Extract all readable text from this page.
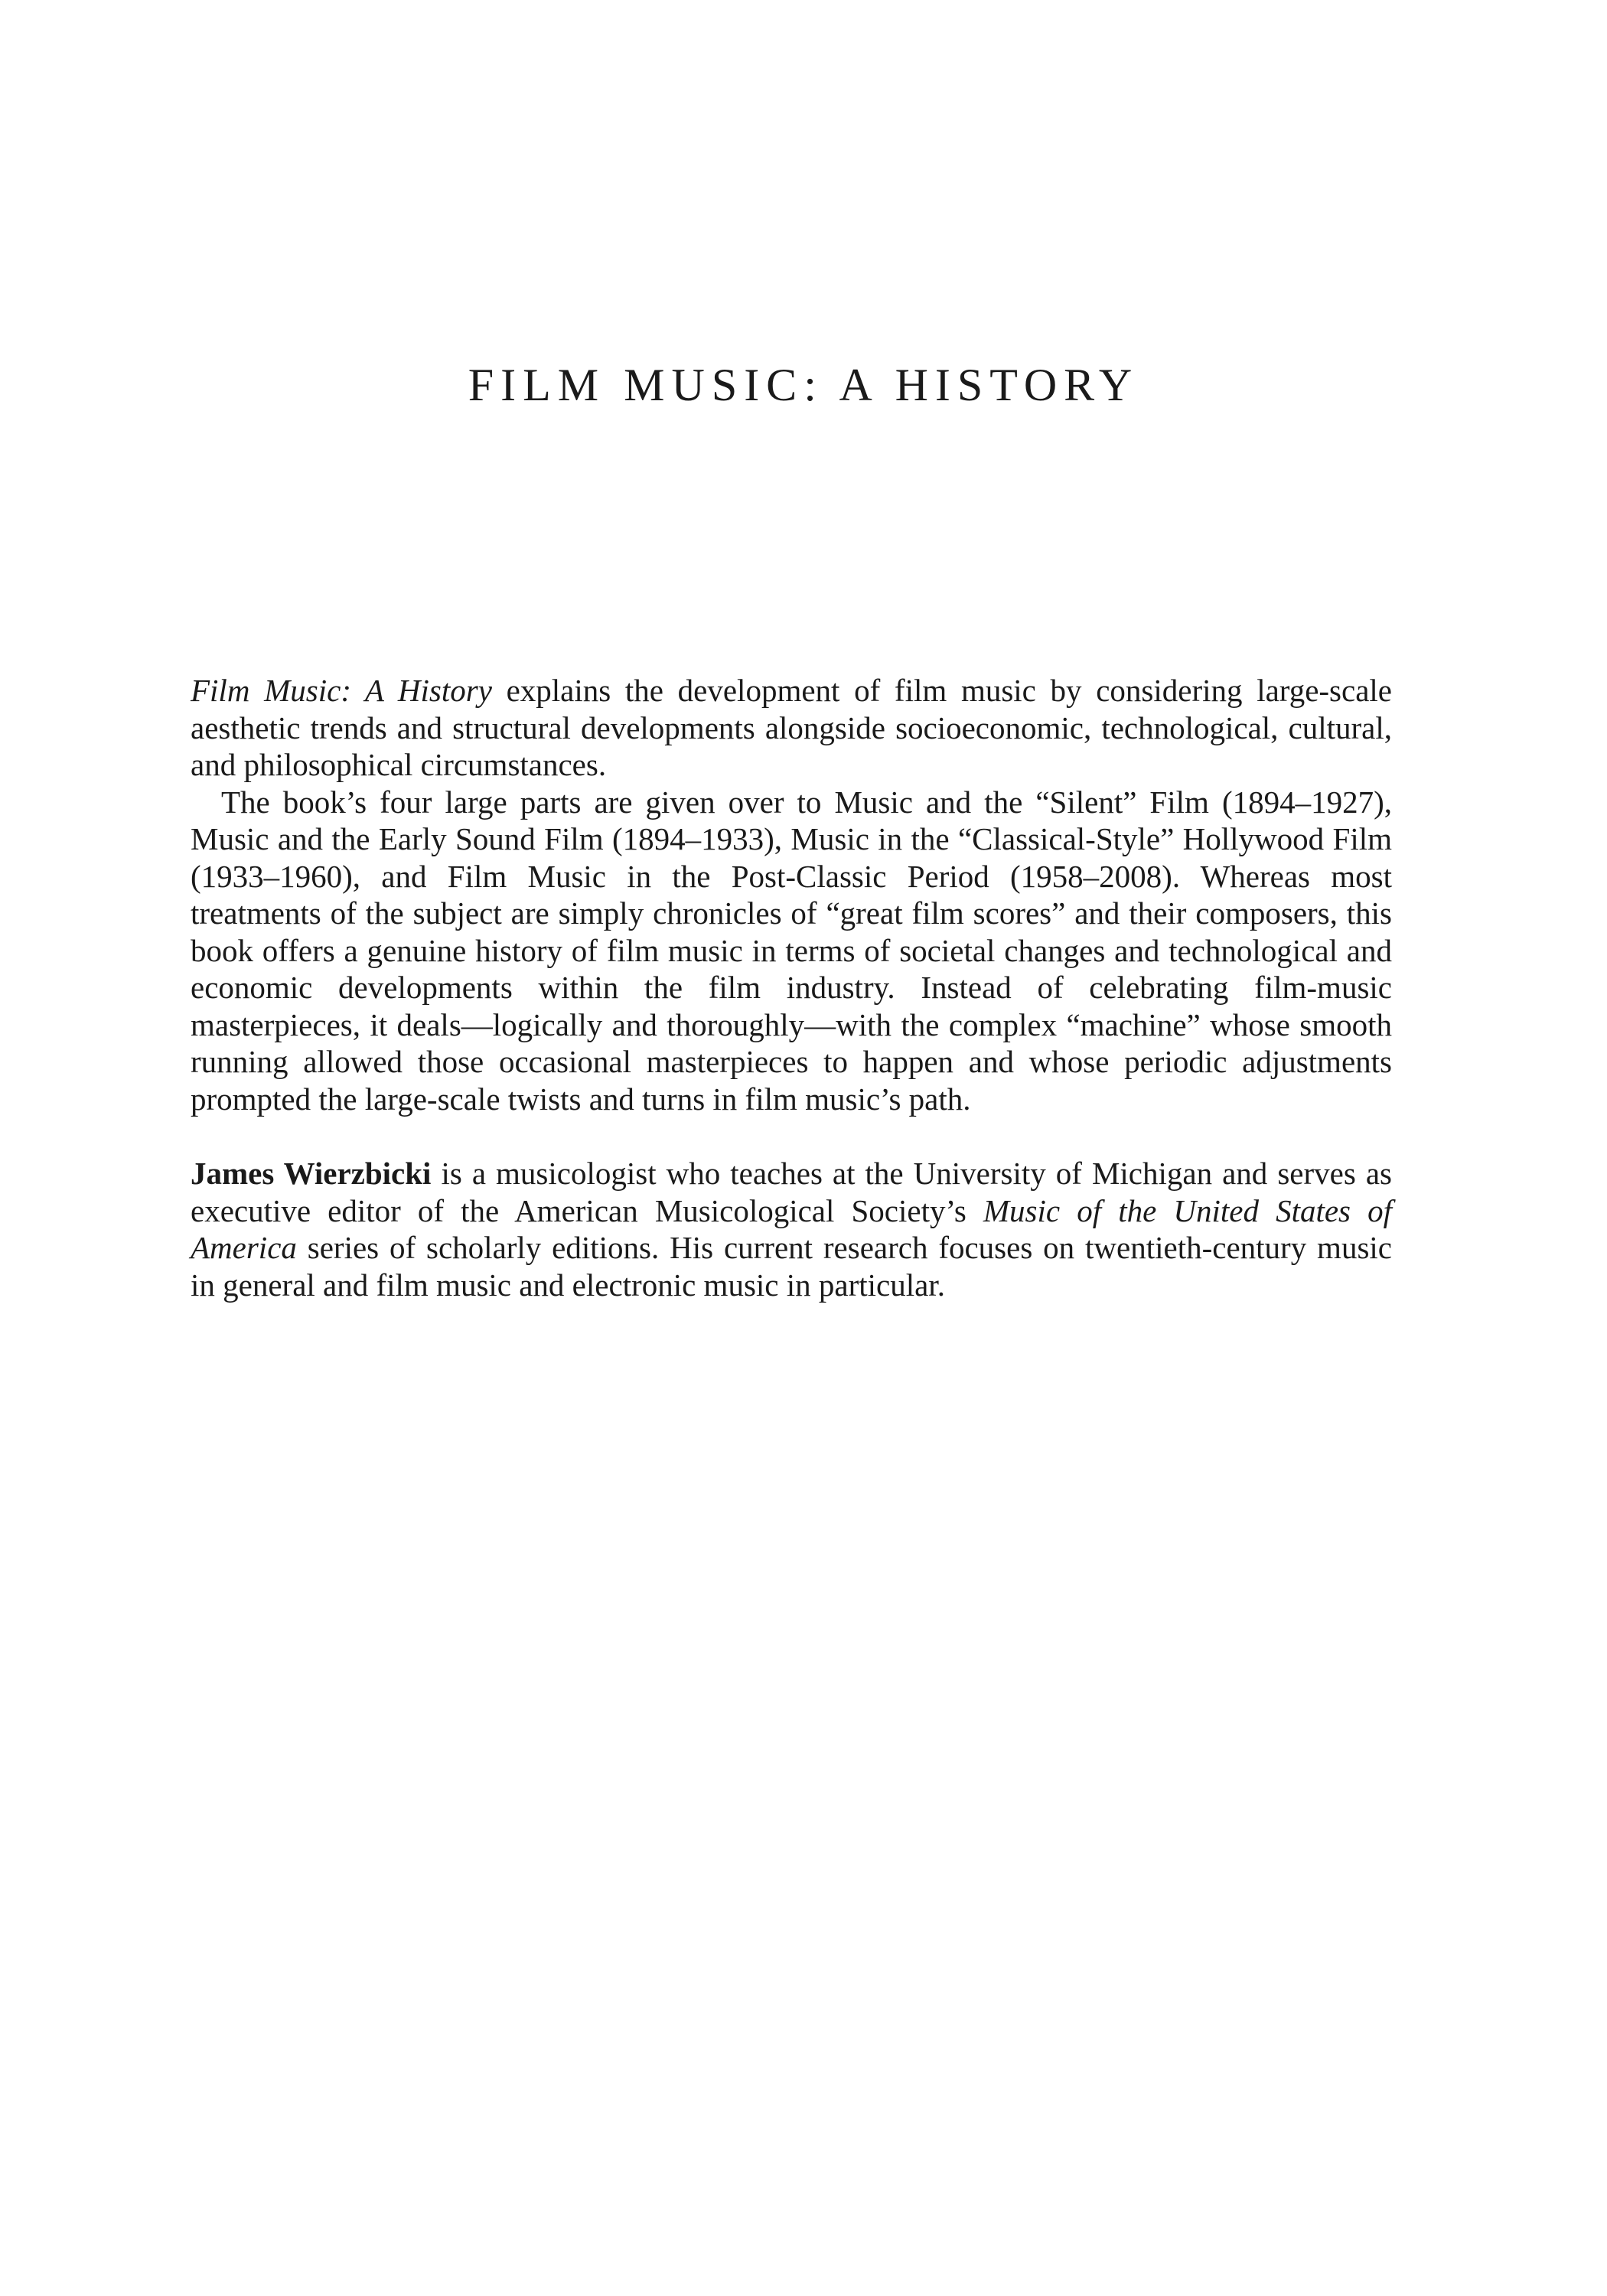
FILM MUSIC: A HISTORY

Film Music: A History explains the development of film music by considering large-scale aesthetic trends and structural developments alongside socioeconomic, technological, cultural, and philosophical circumstances.

The book’s four large parts are given over to Music and the “Silent” Film (1894–1927), Music and the Early Sound Film (1894–1933), Music in the “Classical-Style” Hollywood Film (1933–1960), and Film Music in the Post-Classic Period (1958–2008). Whereas most treatments of the subject are simply chronicles of “great film scores” and their composers, this book offers a genuine history of film music in terms of societal changes and technological and economic developments within the film industry. Instead of celebrating film-music masterpieces, it deals—logically and thoroughly—with the complex “machine” whose smooth running allowed those occasional masterpieces to happen and whose periodic adjustments prompted the large-scale twists and turns in film music’s path.

James Wierzbicki is a musicologist who teaches at the University of Michigan and serves as executive editor of the American Musicological Society’s Music of the United States of America series of scholarly editions. His current research focuses on twentieth-century music in general and film music and electronic music in particular.
